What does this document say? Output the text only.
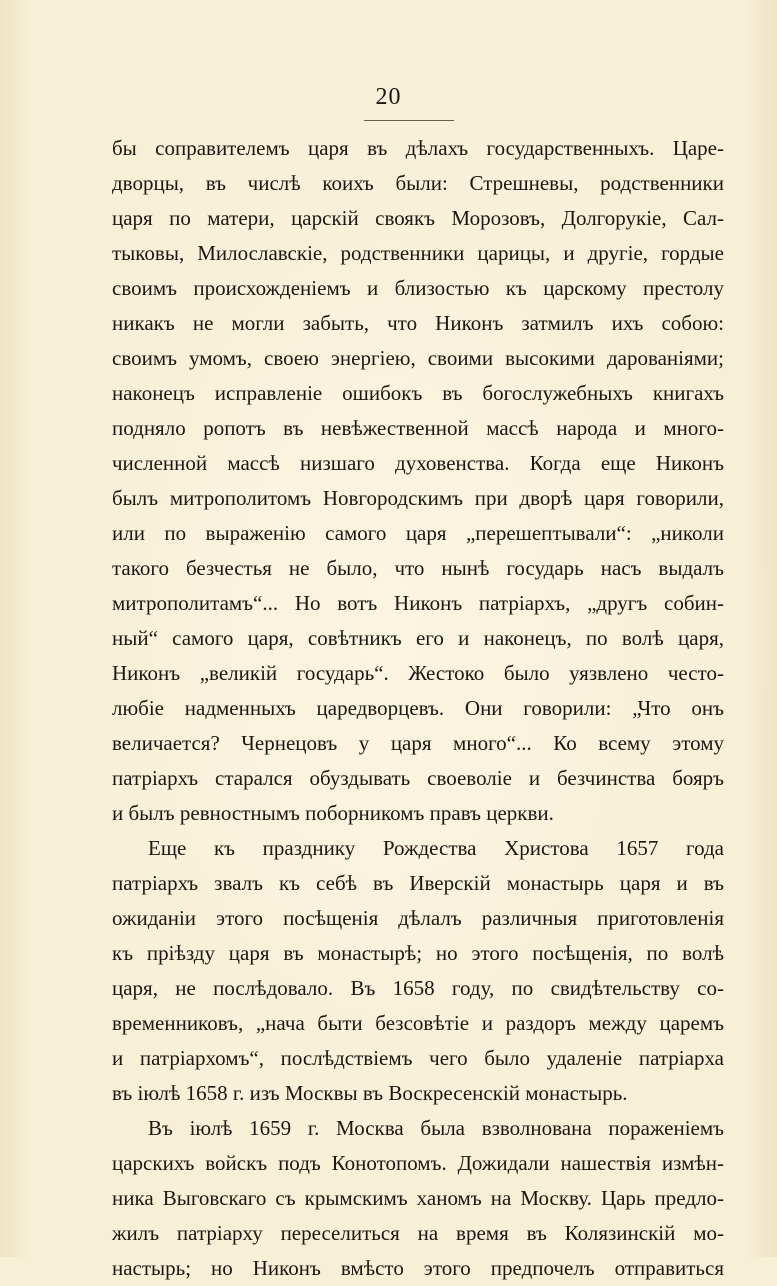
20
бы соправителемъ царя въ дѣлахъ государственныхъ. Царе-
дворцы, въ числѣ коихъ были: Стрешневы, родственники
царя по матери, царскій своякъ Морозовъ, Долгорукіе, Сал-
тыковы, Милославскіе, родственники царицы, и другіе, гордые
своимъ происхожденіемъ и близостью къ царскому престолу
никакъ не могли забыть, что Никонъ затмилъ ихъ собою:
своимъ умомъ, своею энергіею, своими высокими дарованіями;
наконецъ исправленіе ошибокъ въ богослужебныхъ книгахъ
подняло ропотъ въ невѣжественной массѣ народа и много-
численной массѣ низшаго духовенства. Когда еще Никонъ
былъ митрополитомъ Новгородскимъ при дворѣ царя говорили,
или по выраженію самого царя „перешептывали“: „николи
такого безчестья не было, что нынѣ государь насъ выдалъ
митрополитамъ“... Но вотъ Никонъ патріархъ, „другъ собин-
ный“ самого царя, совѣтникъ его и наконецъ, по волѣ царя,
Никонъ „великій государь“. Жестоко было уязвлено често-
любіе надменныхъ царедворцевъ. Они говорили: „Что онъ
величается? Чернецовъ у царя много“... Ко всему этому
патріархъ старался обуздывать своеволіе и безчинства бояръ
и былъ ревностнымъ поборникомъ правъ церкви.
Еще къ празднику Рождества Христова 1657 года
патріархъ звалъ къ себѣ въ Иверскій монастырь царя и въ
ожиданіи этого посѣщенія дѣлалъ различныя приготовленія
къ пріѣзду царя въ монастырѣ; но этого посѣщенія, по волѣ
царя, не послѣдовало. Въ 1658 году, по свидѣтельству со-
временниковъ, „нача быти безсовѣтіе и раздоръ между царемъ
и патріархомъ“, послѣдствіемъ чего было удаленіе патріарха
въ іюлѣ 1658 г. изъ Москвы въ Воскресенскій монастырь.
Въ іюлѣ 1659 г. Москва была взволнована пораженіемъ
царскихъ войскъ подъ Конотопомъ. Дожидали нашествія измѣн-
ника Выговскаго съ крымскимъ ханомъ на Москву. Царь предло-
жилъ патріарху переселиться на время въ Колязинскій мо-
настырь; но Никонъ вмѣсто этого предпочелъ отправиться
